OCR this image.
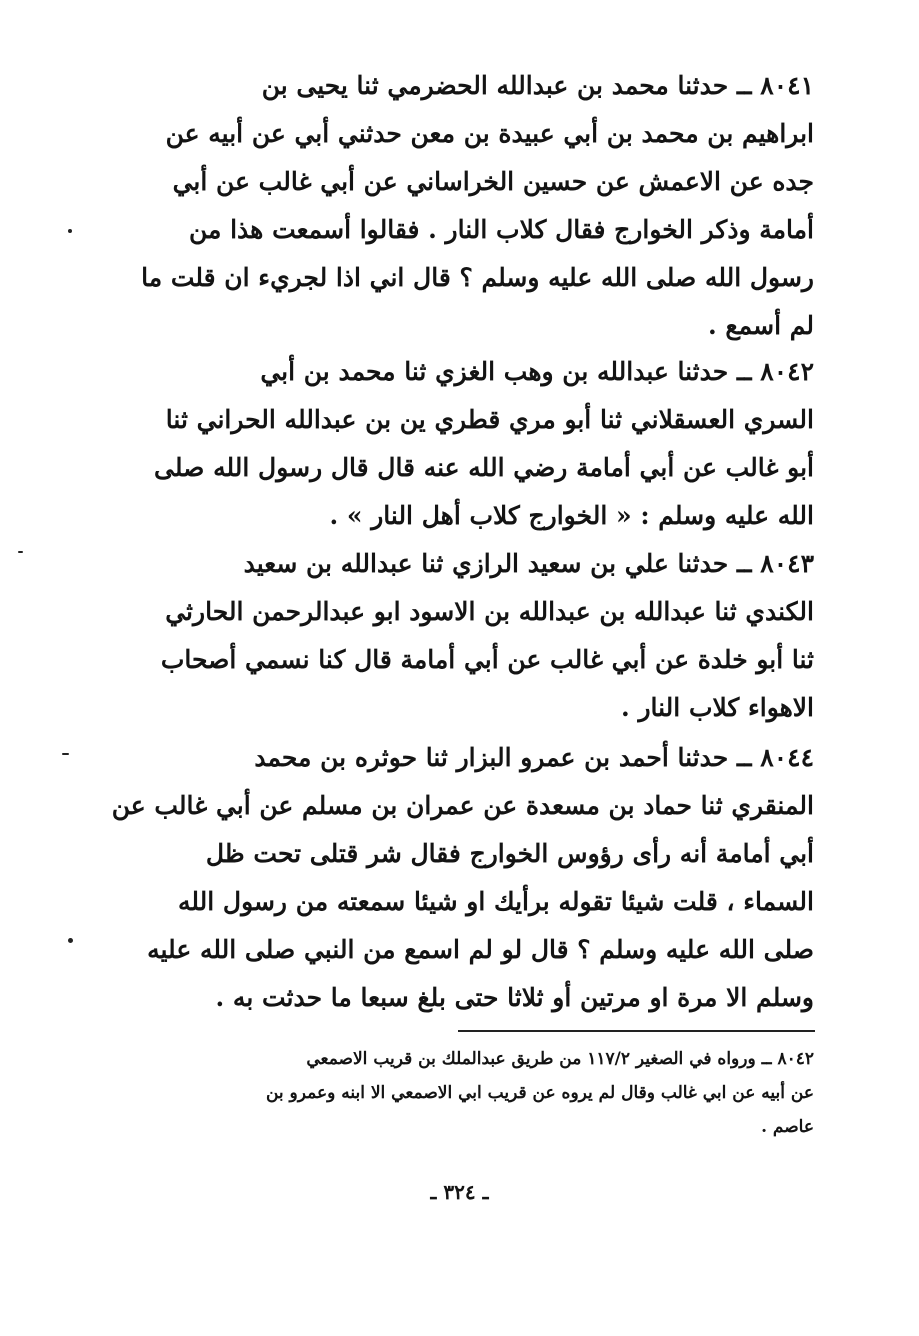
٨٠٤١ ــ حدثنا محمد بن عبدالله الحضرمي ثنا يحيى بن
ابراهيم بن محمد بن أبي عبيدة بن معن حدثني أبي عن أبيه عن
جده عن الاعمش عن حسين الخراساني عن أبي غالب عن أبي
أمامة وذكر الخوارج فقال كلاب النار . فقالوا أسمعت هذا من
رسول الله صلى الله عليه وسلم ؟ قال اني اذا لجريء ان قلت ما
لم أسمع .
٨٠٤٢ ــ حدثنا عبدالله بن وهب الغزي ثنا محمد بن أبي
السري العسقلاني ثنا أبو مري قطري ين بن عبدالله الحراني ثنا
أبو غالب عن أبي أمامة رضي الله عنه قال قال رسول الله صلى
الله عليه وسلم : « الخوارج كلاب أهل النار » .
٨٠٤٣ ــ حدثنا علي بن سعيد الرازي ثنا عبدالله بن سعيد
الكندي ثنا عبدالله بن عبدالله بن الاسود ابو عبدالرحمن الحارثي
ثنا أبو خلدة عن أبي غالب عن أبي أمامة قال كنا نسمي أصحاب
الاهواء كلاب النار .
٨٠٤٤ ــ حدثنا أحمد بن عمرو البزار ثنا حوثره بن محمد
المنقري ثنا حماد بن مسعدة عن عمران بن مسلم عن أبي غالب عن
أبي أمامة أنه رأى رؤوس الخوارج فقال شر قتلى تحت ظل
السماء ، قلت شيئا تقوله برأيك او شيئا سمعته من رسول الله
صلى الله عليه وسلم ؟ قال لو لم اسمع من النبي صلى الله عليه
وسلم الا مرة او مرتين أو ثلاثا حتى بلغ سبعا ما حدثت به .
٨٠٤٢ ــ ورواه في الصغير ١١٧/٢ من طريق عبدالملك بن قريب الاصمعي
عن أبيه عن ابي غالب وقال لم يروه عن قريب ابي الاصمعي الا ابنه وعمرو بن
عاصم .
ـ ٣٢٤ ـ
